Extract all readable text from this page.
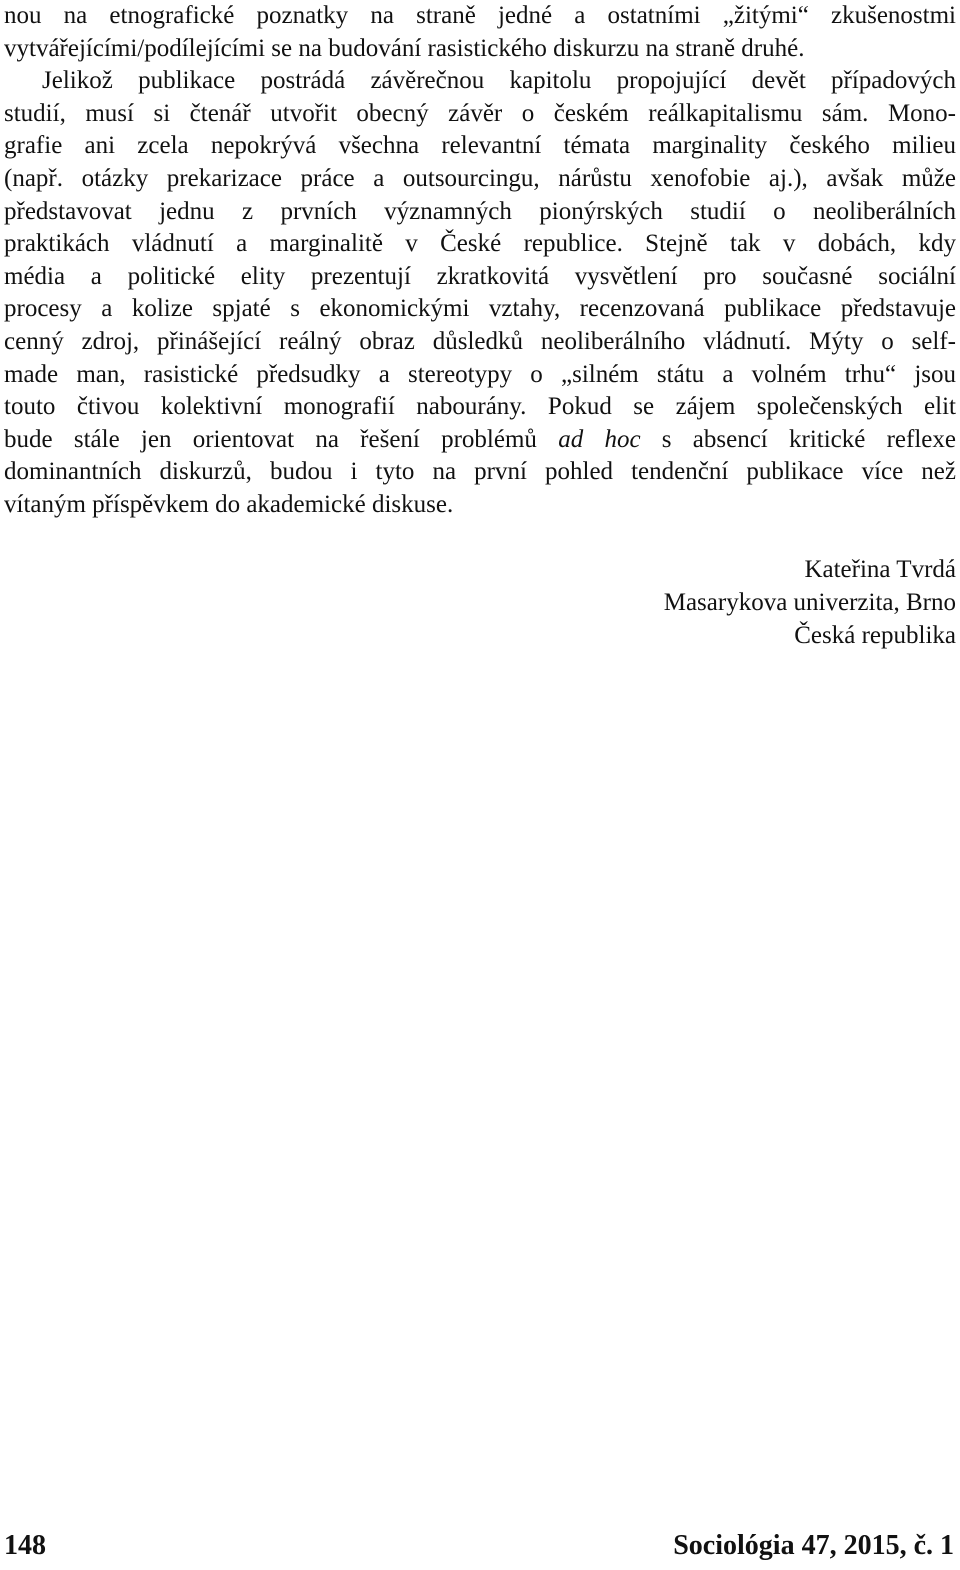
nou na etnografické poznatky na straně jedné a ostatními „žitými“ zkušenostmi
vytvářejícími/podílejícími se na budování rasistického diskurzu na straně druhé.
Jelikož publikace postrádá závěrečnou kapitolu propojující devět případových
studií, musí si čtenář utvořit obecný závěr o českém reálkapitalismu sám. Mono-
grafie ani zcela nepokrývá všechna relevantní témata marginality českého milieu
(např. otázky prekarizace práce a outsourcingu, nárůstu xenofobie aj.), avšak může
představovat jednu z prvních významných pionýrských studií o neoliberálních
praktikách vládnutí a marginalitě v České republice. Stejně tak v dobách, kdy
média a politické elity prezentují zkratkovitá vysvětlení pro současné sociální
procesy a kolize spjaté s ekonomickými vztahy, recenzovaná publikace představuje
cenný zdroj, přinášející reálný obraz důsledků neoliberálního vládnutí. Mýty o self-
made man, rasistické předsudky a stereotypy o „silném státu a volném trhu“ jsou
touto čtivou kolektivní monografií nabourány. Pokud se zájem společenských elit
bude stále jen orientovat na řešení problémů ad hoc s absencí kritické reflexe
dominantních diskurzů, budou i tyto na první pohled tendenční publikace více než
vítaným příspěvkem do akademické diskuse.
Kateřina Tvrdá
Masarykova univerzita, Brno
Česká republika
148	Sociológia 47, 2015, č. 1
